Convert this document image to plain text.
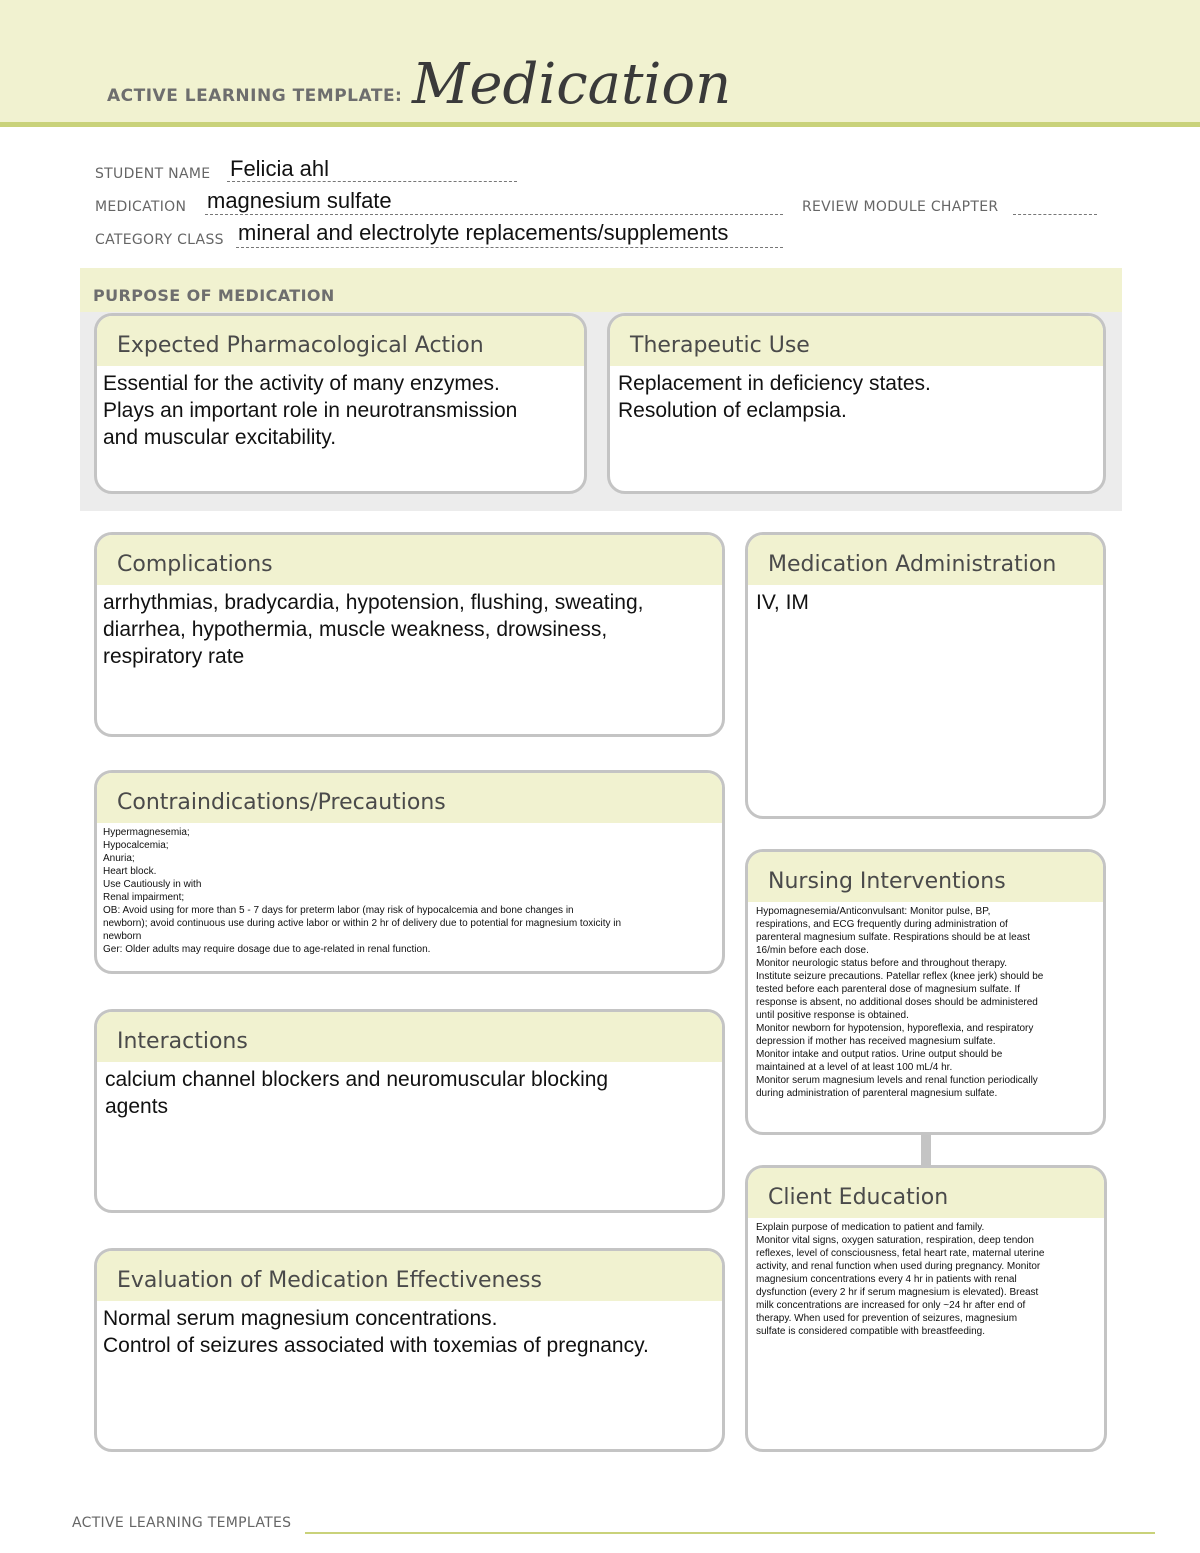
ACTIVE LEARNING TEMPLATE: Medication
STUDENT NAME Felicia ahl
MEDICATION magnesium sulfate	REVIEW MODULE CHAPTER
CATEGORY CLASS mineral and electrolyte replacements/supplements
PURPOSE OF MEDICATION
Expected Pharmacological Action
Essential for the activity of many enzymes.
Plays an important role in neurotransmission
and muscular excitability.
Therapeutic Use
Replacement in deficiency states.
Resolution of eclampsia.
Complications
arrhythmias, bradycardia, hypotension, flushing, sweating,
diarrhea, hypothermia, muscle weakness, drowsiness,
respiratory rate
Medication Administration
IV, IM
Contraindications/Precautions
Hypermagnesemia;
Hypocalcemia;
Anuria;
Heart block.
Use Cautiously in with
Renal impairment;
OB: Avoid using for more than 5 - 7 days for preterm labor (may risk of hypocalcemia and bone changes in
newborn); avoid continuous use during active labor or within 2 hr of delivery due to potential for magnesium toxicity in
newborn
Ger: Older adults may require dosage due to age-related in renal function.
Nursing Interventions
Hypomagnesemia/Anticonvulsant: Monitor pulse, BP,
respirations, and ECG frequently during administration of
parenteral magnesium sulfate. Respirations should be at least
16/min before each dose.
Monitor neurologic status before and throughout therapy.
Institute seizure precautions. Patellar reflex (knee jerk) should be
tested before each parenteral dose of magnesium sulfate. If
response is absent, no additional doses should be administered
until positive response is obtained.
Monitor newborn for hypotension, hyporeflexia, and respiratory
depression if mother has received magnesium sulfate.
Monitor intake and output ratios. Urine output should be
maintained at a level of at least 100 mL/4 hr.
Monitor serum magnesium levels and renal function periodically
during administration of parenteral magnesium sulfate.
Interactions
calcium channel blockers and neuromuscular blocking
agents
Client Education
Explain purpose of medication to patient and family.
Monitor vital signs, oxygen saturation, respiration, deep tendon
reflexes, level of consciousness, fetal heart rate, maternal uterine
activity, and renal function when used during pregnancy. Monitor
magnesium concentrations every 4 hr in patients with renal
dysfunction (every 2 hr if serum magnesium is elevated). Breast
milk concentrations are increased for only ~24 hr after end of
therapy. When used for prevention of seizures, magnesium
sulfate is considered compatible with breastfeeding.
Evaluation of Medication Effectiveness
Normal serum magnesium concentrations.
Control of seizures associated with toxemias of pregnancy.
ACTIVE LEARNING TEMPLATES
